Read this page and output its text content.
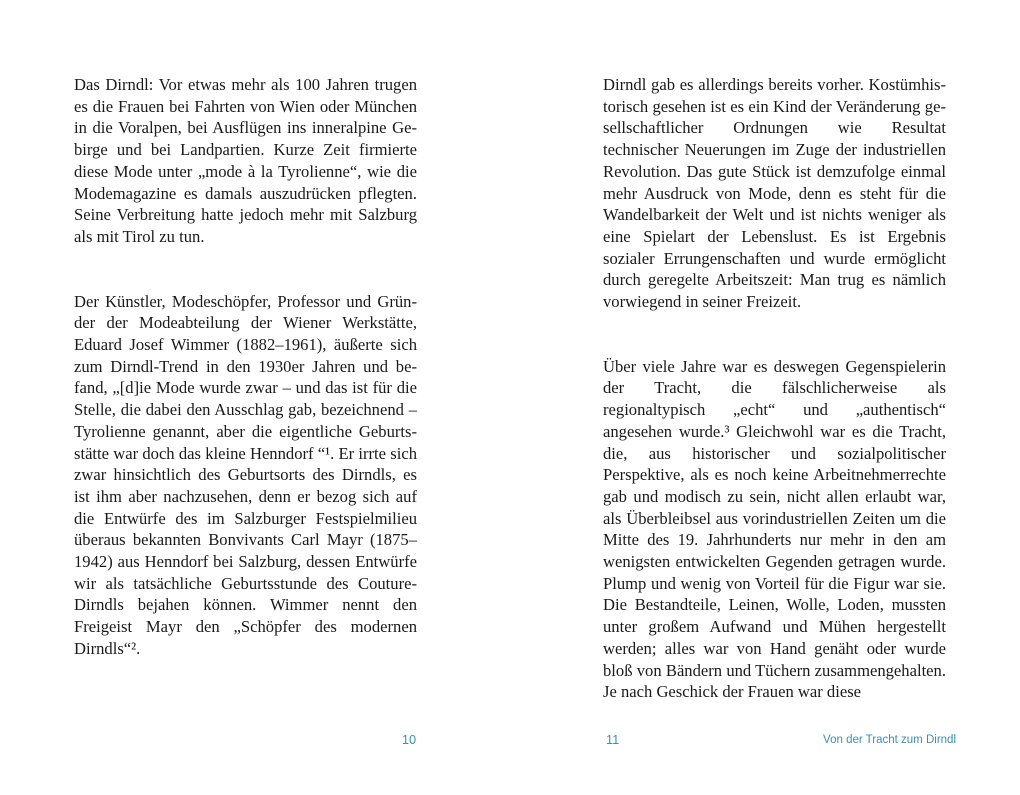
Das Dirndl: Vor etwas mehr als 100 Jahren trugen es die Frauen bei Fahrten von Wien oder München in die Voralpen, bei Ausflügen ins inneralpine Gebirge und bei Landpartien. Kurze Zeit firmierte diese Mode unter „mode à la Tyrolienne“, wie die Modemagazine es damals auszudrücken pflegten. Seine Verbreitung hatte jedoch mehr mit Salzburg als mit Tirol zu tun.

Der Künstler, Modeschöpfer, Professor und Gründer der Modeabteilung der Wiener Werkstätte, Eduard Josef Wimmer (1882–1961), äußerte sich zum Dirndl-Trend in den 1930er Jahren und befand, „[d]ie Mode wurde zwar – und das ist für die Stelle, die dabei den Ausschlag gab, bezeichnend – Tyrolienne genannt, aber die eigentliche Geburtsstätte war doch das kleine Henndorf “¹. Er irrte sich zwar hinsichtlich des Geburtsorts des Dirndls, es ist ihm aber nachzusehen, denn er bezog sich auf die Entwürfe des im Salzburger Festspielmilieu überaus bekannten Bonvivants Carl Mayr (1875–1942) aus Henndorf bei Salzburg, dessen Entwürfe wir als tatsächliche Geburtsstunde des Couture-Dirndls bejahen können. Wimmer nennt den Freigeist Mayr den „Schöpfer des modernen Dirndls“².

10

Dirndl gab es allerdings bereits vorher. Kostümhistorisch gesehen ist es ein Kind der Veränderung gesellschaftlicher Ordnungen wie Resultat technischer Neuerungen im Zuge der industriellen Revolution. Das gute Stück ist demzufolge einmal mehr Ausdruck von Mode, denn es steht für die Wandelbarkeit der Welt und ist nichts weniger als eine Spielart der Lebenslust. Es ist Ergebnis sozialer Errungenschaften und wurde ermöglicht durch geregelte Arbeitszeit: Man trug es nämlich vorwiegend in seiner Freizeit.

Über viele Jahre war es deswegen Gegenspielerin der Tracht, die fälschlicherweise als regionaltypisch „echt“ und „authentisch“ angesehen wurde.³ Gleichwohl war es die Tracht, die, aus historischer und sozialpolitischer Perspektive, als es noch keine Arbeitnehmerrechte gab und modisch zu sein, nicht allen erlaubt war, als Überbleibsel aus vorindustriellen Zeiten um die Mitte des 19. Jahrhunderts nur mehr in den am wenigsten entwickelten Gegenden getragen wurde. Plump und wenig von Vorteil für die Figur war sie. Die Bestandteile, Leinen, Wolle, Loden, mussten unter großem Aufwand und Mühen hergestellt werden; alles war von Hand genäht oder wurde bloß von Bändern und Tüchern zusammengehalten. Je nach Geschick der Frauen war diese

11	Von der Tracht zum Dirndl
